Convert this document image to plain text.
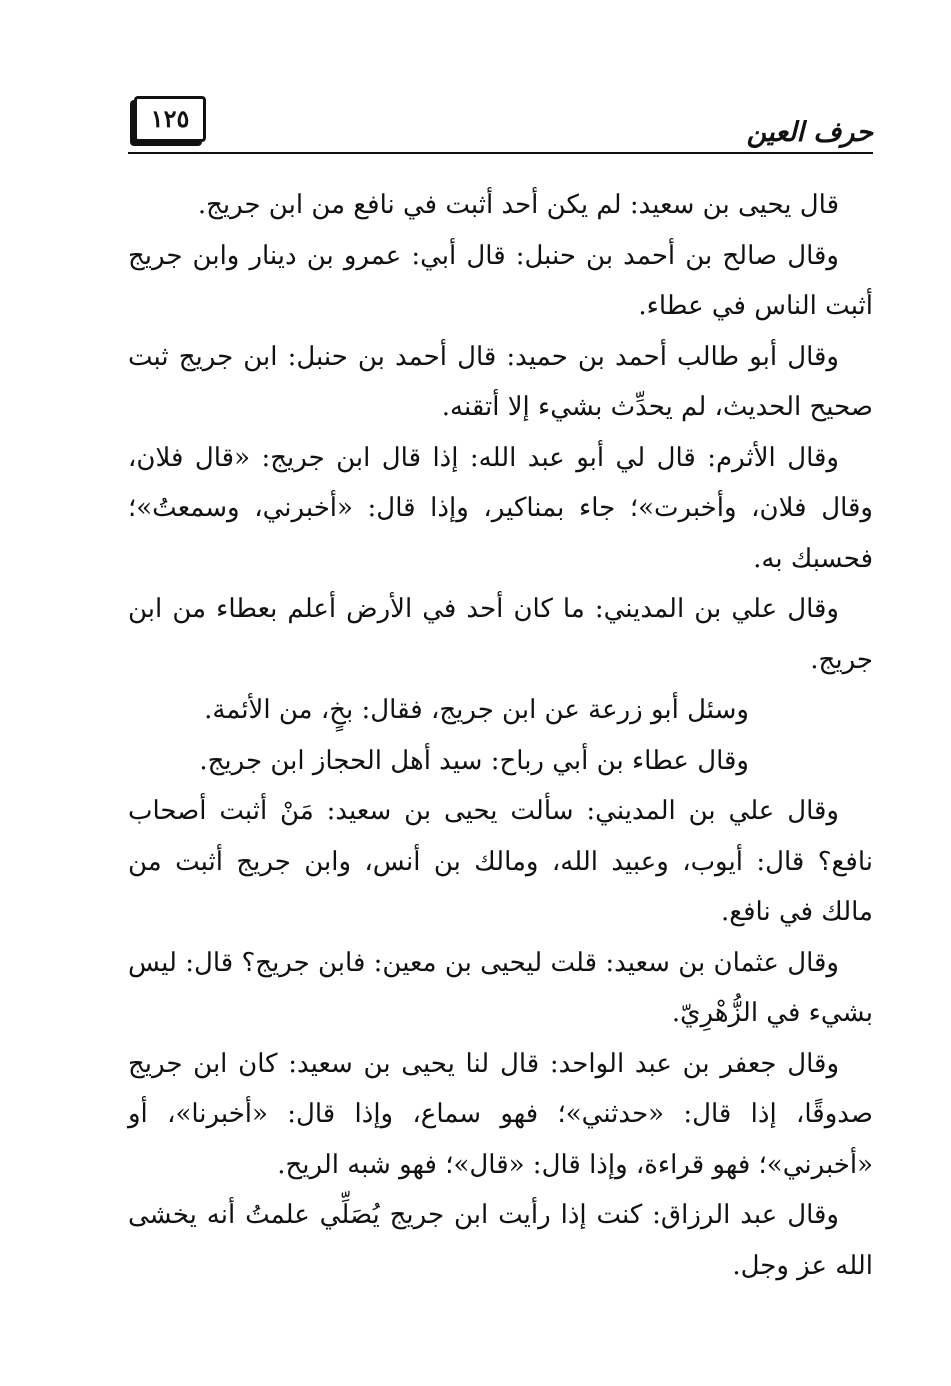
حرف العين
١٢٥

قال يحيى بن سعيد: لم يكن أحد أثبت في نافع من ابن جريج.

وقال صالح بن أحمد بن حنبل: قال أبي: عمرو بن دينار وابن جريج أثبت الناس في عطاء.

وقال أبو طالب أحمد بن حميد: قال أحمد بن حنبل: ابن جريج ثبت صحيح الحديث، لم يحدِّث بشيء إلا أتقنه.

وقال الأثرم: قال لي أبو عبد الله: إذا قال ابن جريج: «قال فلان، وقال فلان، وأخبرت»؛ جاء بمناكير، وإذا قال: «أخبرني، وسمعتُ»؛ فحسبك به.

وقال علي بن المديني: ما كان أحد في الأرض أعلم بعطاء من ابن جريج.

وسئل أبو زرعة عن ابن جريج، فقال: بخٍ، من الأئمة.

وقال عطاء بن أبي رباح: سيد أهل الحجاز ابن جريج.

وقال علي بن المديني: سألت يحيى بن سعيد: مَنْ أثبت أصحاب نافع؟ قال: أيوب، وعبيد الله، ومالك بن أنس، وابن جريج أثبت من مالك في نافع.

وقال عثمان بن سعيد: قلت ليحيى بن معين: فابن جريج؟ قال: ليس بشيء في الزُّهْرِيّ.

وقال جعفر بن عبد الواحد: قال لنا يحيى بن سعيد: كان ابن جريج صدوقًا، إذا قال: «حدثني»؛ فهو سماع، وإذا قال: «أخبرنا»، أو «أخبرني»؛ فهو قراءة، وإذا قال: «قال»؛ فهو شبه الريح.

وقال عبد الرزاق: كنت إذا رأيت ابن جريج يُصَلِّي علمتُ أنه يخشى الله عز وجل.
